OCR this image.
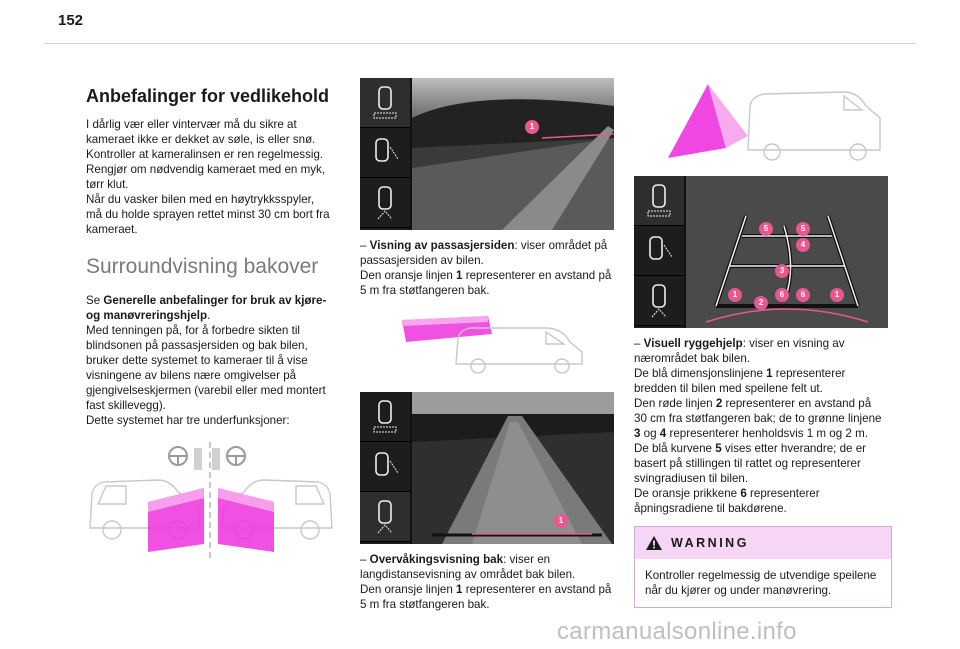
152
Anbefalinger for vedlikehold

I dårlig vær eller vintervær må du sikre at
kameraet ikke er dekket av søle, is eller snø.
Kontroller at kameralinsen er ren regelmessig.
Rengjør om nødvendig kameraet med en myk,
tørr klut.
Når du vasker bilen med en høytrykksspyler,
må du holde sprayen rettet minst 30 cm bort fra
kameraet.

Surroundvisning bakover

Se Generelle anbefalinger for bruk av kjøre-
og manøvreringshjelp.
Med tenningen på, for å forbedre sikten til
blindsonen på passasjersiden og bak bilen,
bruker dette systemet to kameraer til å vise
visningene av bilens nære omgivelser på
gjengivelseskjermen (varebil eller med montert
fast skillevegg).
Dette systemet har tre underfunksjoner:

1

– Visning av passasjersiden: viser området på
passasjersiden av bilen.
Den oransje linjen 1 representerer en avstand på
5 m fra støtfangeren bak.

1

– Overvåkingsvisning bak: viser en
langdistansevisning av området bak bilen.
Den oransje linjen 1 representerer en avstand på
5 m fra støtfangeren bak.

5	5
4
3
1
2
6	6	1

– Visuell ryggehjelp: viser en visning av
nærområdet bak bilen.
De blå dimensjonslinjene 1 representerer
bredden til bilen med speilene felt ut.
Den røde linjen 2 representerer en avstand på
30 cm fra støtfangeren bak; de to grønne linjene
3 og 4 representerer henholdsvis 1 m og 2 m.
De blå kurvene 5 vises etter hverandre; de er
basert på stillingen til rattet og representerer
svingradiusen til bilen.
De oransje prikkene 6 representerer
åpningsradiene til bakdørene.

WARNING
Kontroller regelmessig de utvendige speilene
når du kjører og under manøvrering.
carmanualsonline.info
